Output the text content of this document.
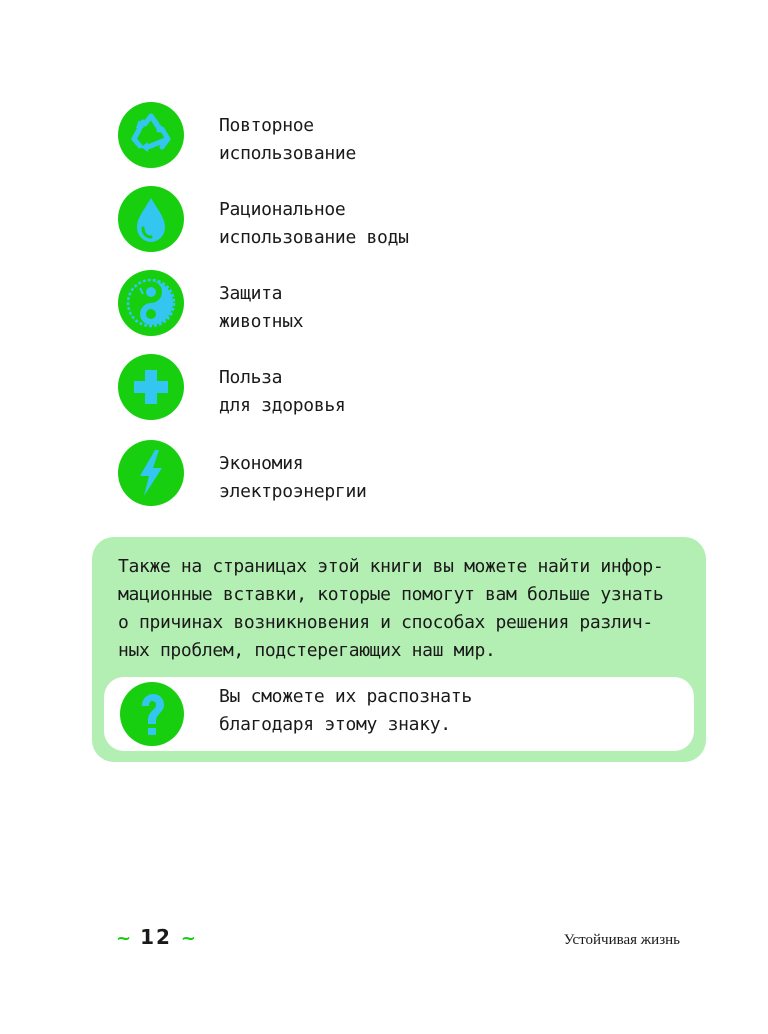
Повторное
использование
Рациональное
использование воды
Защита
животных
Польза
для здоровья
Экономия
электроэнергии
Также на страницах этой книги вы можете найти инфор-
мационные вставки, которые помогут вам больше узнать
о причинах возникновения и способах решения различ-
ных проблем, подстерегающих наш мир.
Вы сможете их распознать
благодаря этому знаку.
~ 12 ~	Устойчивая жизнь
